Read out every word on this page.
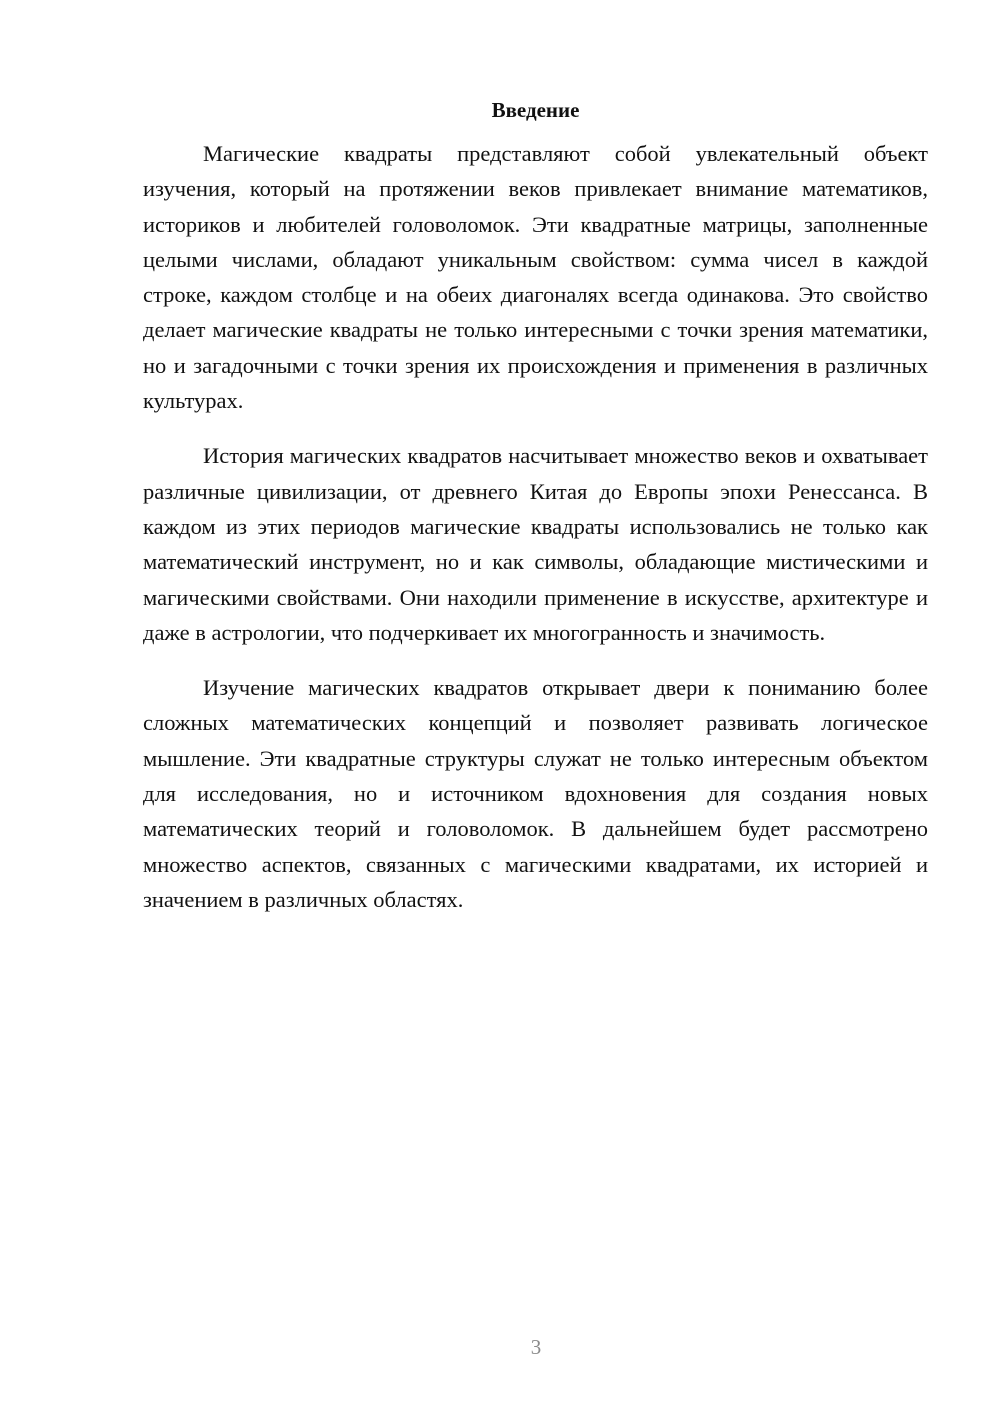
Введение

Магические квадраты представляют собой увлекательный объект изучения, который на протяжении веков привлекает внимание математиков, историков и любителей головоломок. Эти квадратные матрицы, заполненные целыми числами, обладают уникальным свойством: сумма чисел в каждой строке, каждом столбце и на обеих диагоналях всегда одинакова. Это свойство делает магические квадраты не только интересными с точки зрения математики, но и загадочными с точки зрения их происхождения и применения в различных культурах.

История магических квадратов насчитывает множество веков и охватывает различные цивилизации, от древнего Китая до Европы эпохи Ренессанса. В каждом из этих периодов магические квадраты использовались не только как математический инструмент, но и как символы, обладающие мистическими и магическими свойствами. Они находили применение в искусстве, архитектуре и даже в астрологии, что подчеркивает их многогранность и значимость.

Изучение магических квадратов открывает двери к пониманию более сложных математических концепций и позволяет развивать логическое мышление. Эти квадратные структуры служат не только интересным объектом для исследования, но и источником вдохновения для создания новых математических теорий и головоломок. В дальнейшем будет рассмотрено множество аспектов, связанных с магическими квадратами, их историей и значением в различных областях.

3
